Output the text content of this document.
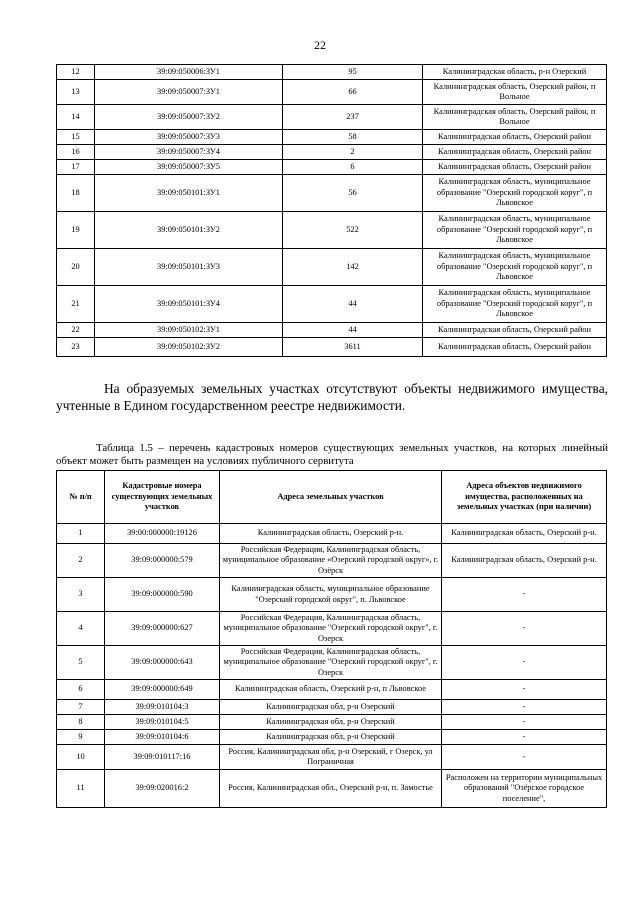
22
12	39:09:050006:ЗУ1	95	Калининградская область, р-н Озерский
13	39:09:050007:ЗУ1	66	Калининградская область, Озерский район, п Вольное
14	39:09:050007:ЗУ2	237	Калининградская область, Озерский район, п Вольное
15	39:09:050007:ЗУ3	58	Калининградская область, Озерский район
16	39:09:050007:ЗУ4	2	Калининградская область, Озерский район
17	39:09:050007:ЗУ5	6	Калининградская область, Озерский район
18	39:09:050101:ЗУ1	56	Калининградская область, муниципальное образование "Озерский городской коруг", п Львовское
19	39:09:050101:ЗУ2	522	Калининградская область, муниципальное образование "Озерский городской коруг", п Львовское
20	39:09:050101:ЗУ3	142	Калининградская область, муниципальное образование "Озерский городской коруг", п Львовское
21	39:09:050101:ЗУ4	44	Калининградская область, муниципальное образование "Озерский городской коруг", п Львовское
22	39:09:050102:ЗУ1	44	Калининградская область, Озерский район
23	39:09:050102:ЗУ2	3611	Калининградская область, Озерский район
На образуемых земельных участках отсутствуют объекты недвижимого имущества, учтенные в Едином государственном реестре недвижимости.
Таблица 1.5 – перечень кадастровых номеров существующих земельных участков, на которых линейный объект может быть размещен на условиях публичного сервитута
№ п/п	Кадастровые номера существующих земельных участков	Адреса земельных участков	Адреса объектов недвижимого имущества, расположенных на земельных участках (при наличии)
1	39:00:000000:19126	Калининградская область, Озерский р-н.	Калининградская область, Озерский р-н.
2	39:09:000000:579	Российская Федерация, Калининградская область, муниципальное образование «Озерский городской округ», г. Озёрск	Калининградская область, Озерский р-н.
3	39:09:000000:590	Калининградская область, муниципальное образование "Озерский городской округ", п. Львовское	-
4	39:09:000000:627	Российская Федерация, Калининградская область, муниципальное образование "Озерский городской округ", г. Озерск	-
5	39:09:000000:643	Российская Федерация, Калининградская область, муниципальное образование "Озерский городской округ", г. Озерск	-
6	39:09:000000:649	Калининградская область, Озерский р-н, п Львовское	-
7	39:09:010104:3	Калининградская обл, р-н Озерский	-
8	39:09:010104:5	Калининградская обл, р-н Озерский	-
9	39:09:010104:6	Калининградская обл, р-н Озерский	-
10	39:09:010117:16	Россия, Калининградская обл, р-н Озерский, г Озерск, ул Пограничная	-
11	39:09:020016:2	Россия, Калининградская обл., Озерский р-н, п. Замостье	Расположен на территории муниципальных образований "Озёрское городское поселение",
